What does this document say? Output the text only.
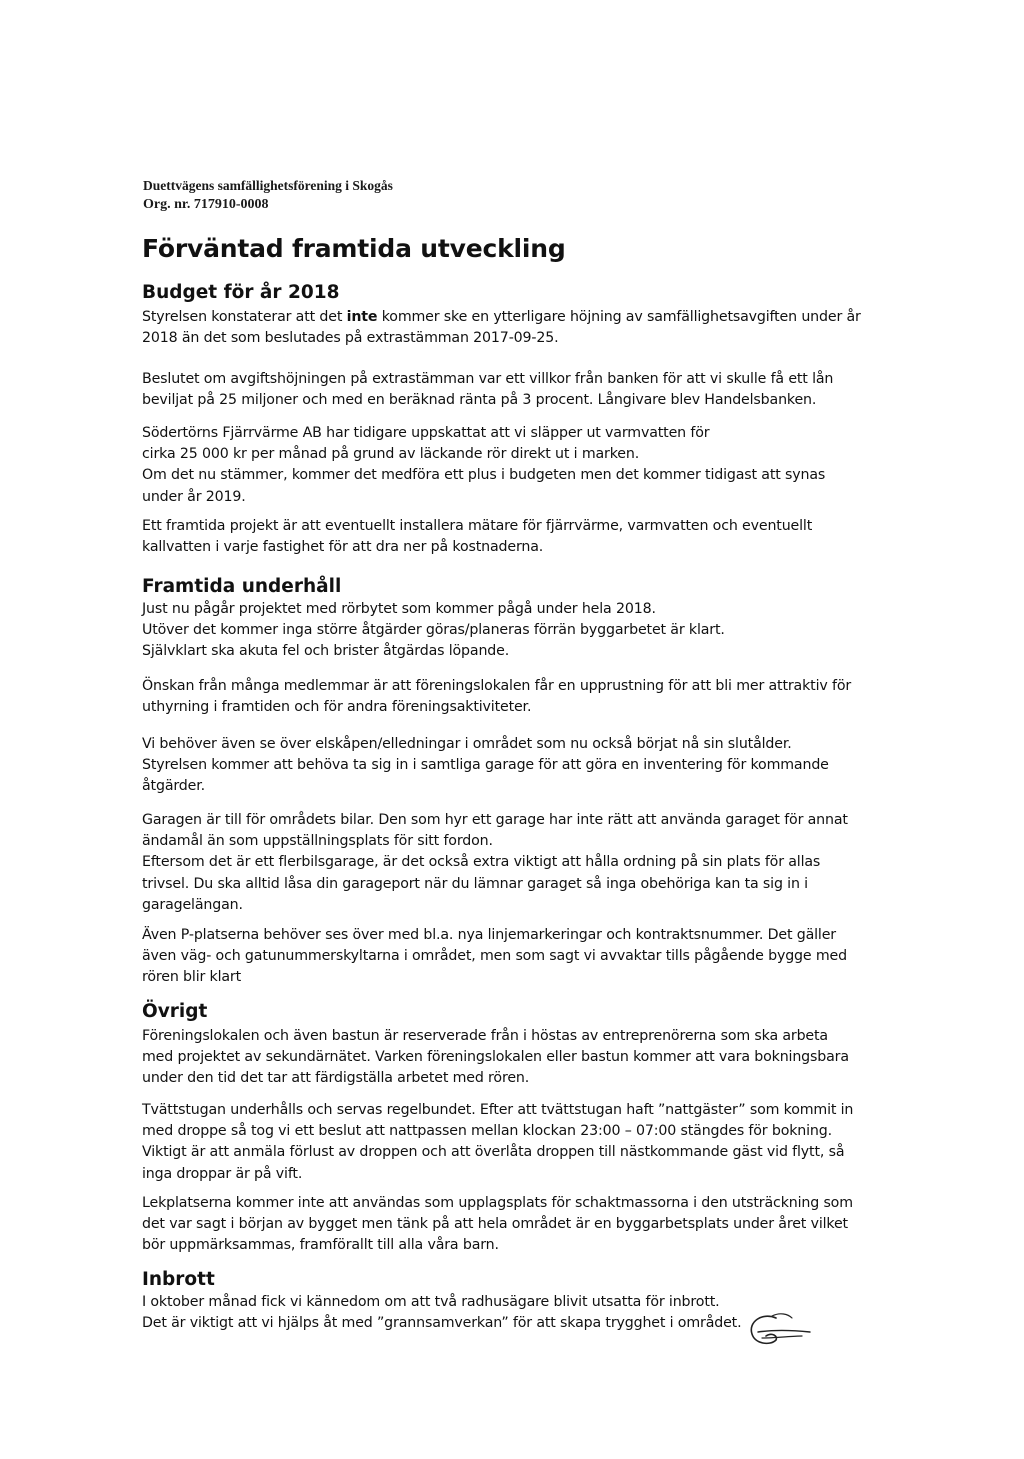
Duettvägens samfällighetsförening i Skogås
Org. nr. 717910-0008
Förväntad framtida utveckling
Budget för år 2018

Styrelsen konstaterar att det inte kommer ske en ytterligare höjning av samfällighetsavgiften under år
2018 än det som beslutades på extrastämman 2017-09-25.

Beslutet om avgiftshöjningen på extrastämman var ett villkor från banken för att vi skulle få ett lån
beviljat på 25 miljoner och med en beräknad ränta på 3 procent. Långivare blev Handelsbanken.

Södertörns Fjärrvärme AB har tidigare uppskattat att vi släpper ut varmvatten för
cirka 25 000 kr per månad på grund av läckande rör direkt ut i marken.
Om det nu stämmer, kommer det medföra ett plus i budgeten men det kommer tidigast att synas
under år 2019.

Ett framtida projekt är att eventuellt installera mätare för fjärrvärme, varmvatten och eventuellt
kallvatten i varje fastighet för att dra ner på kostnaderna.

Framtida underhåll

Just nu pågår projektet med rörbytet som kommer pågå under hela 2018.
Utöver det kommer inga större åtgärder göras/planeras förrän byggarbetet är klart.
Självklart ska akuta fel och brister åtgärdas löpande.

Önskan från många medlemmar är att föreningslokalen får en upprustning för att bli mer attraktiv för
uthyrning i framtiden och för andra föreningsaktiviteter.

Vi behöver även se över elskåpen/elledningar i området som nu också börjat nå sin slutålder.
Styrelsen kommer att behöva ta sig in i samtliga garage för att göra en inventering för kommande
åtgärder.

Garagen är till för områdets bilar. Den som hyr ett garage har inte rätt att använda garaget för annat
ändamål än som uppställningsplats för sitt fordon.
Eftersom det är ett flerbilsgarage, är det också extra viktigt att hålla ordning på sin plats för allas
trivsel. Du ska alltid låsa din garageport när du lämnar garaget så inga obehöriga kan ta sig in i
garagelängan.

Även P-platserna behöver ses över med bl.a. nya linjemarkeringar och kontraktsnummer. Det gäller
även väg- och gatunummerskyltarna i området, men som sagt vi avvaktar tills pågående bygge med
rören blir klart

Övrigt

Föreningslokalen och även bastun är reserverade från i höstas av entreprenörerna som ska arbeta
med projektet av sekundärnätet. Varken föreningslokalen eller bastun kommer att vara bokningsbara
under den tid det tar att färdigställa arbetet med rören.

Tvättstugan underhålls och servas regelbundet. Efter att tvättstugan haft ”nattgäster” som kommit in
med droppe så tog vi ett beslut att nattpassen mellan klockan 23:00 – 07:00 stängdes för bokning.
Viktigt är att anmäla förlust av droppen och att överlåta droppen till nästkommande gäst vid flytt, så
inga droppar är på vift.

Lekplatserna kommer inte att användas som upplagsplats för schaktmassorna i den utsträckning som
det var sagt i början av bygget men tänk på att hela området är en byggarbetsplats under året vilket
bör uppmärksammas, framförallt till alla våra barn.

Inbrott

I oktober månad fick vi kännedom om att två radhusägare blivit utsatta för inbrott.
Det är viktigt att vi hjälps åt med ”grannsamverkan” för att skapa trygghet i området.
